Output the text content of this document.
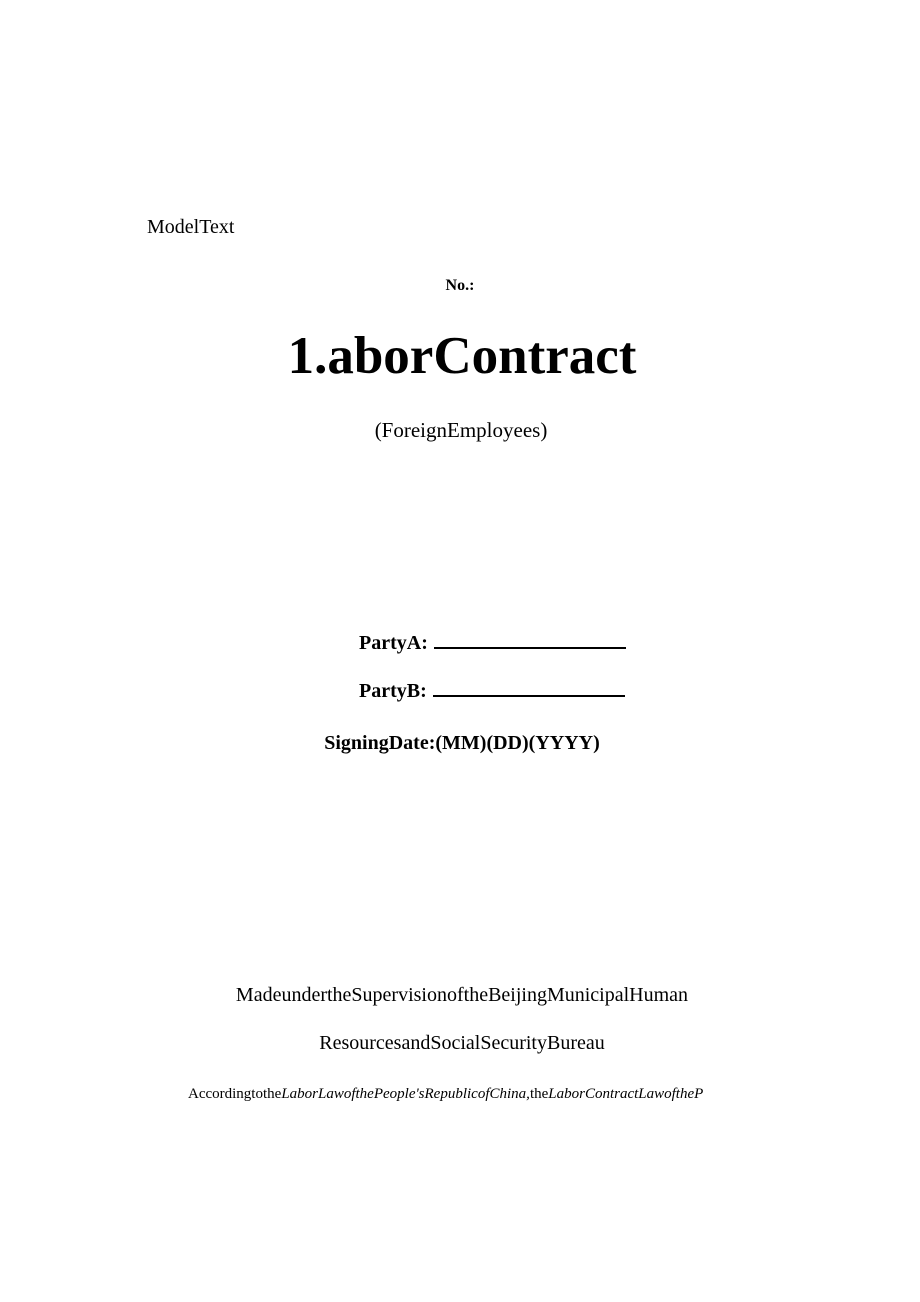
ModelText
No.:
1.aborContract
(ForeignEmployees)
PartyA:
PartyB:
SigningDate:(MM)(DD)(YYYY)
MadeundertheSupervisionoftheBeijingMunicipalHuman
ResourcesandSocialSecurityBureau
AccordingtotheLaborLawofthePeople'sRepublicofChina,theLaborContractLawoftheP
